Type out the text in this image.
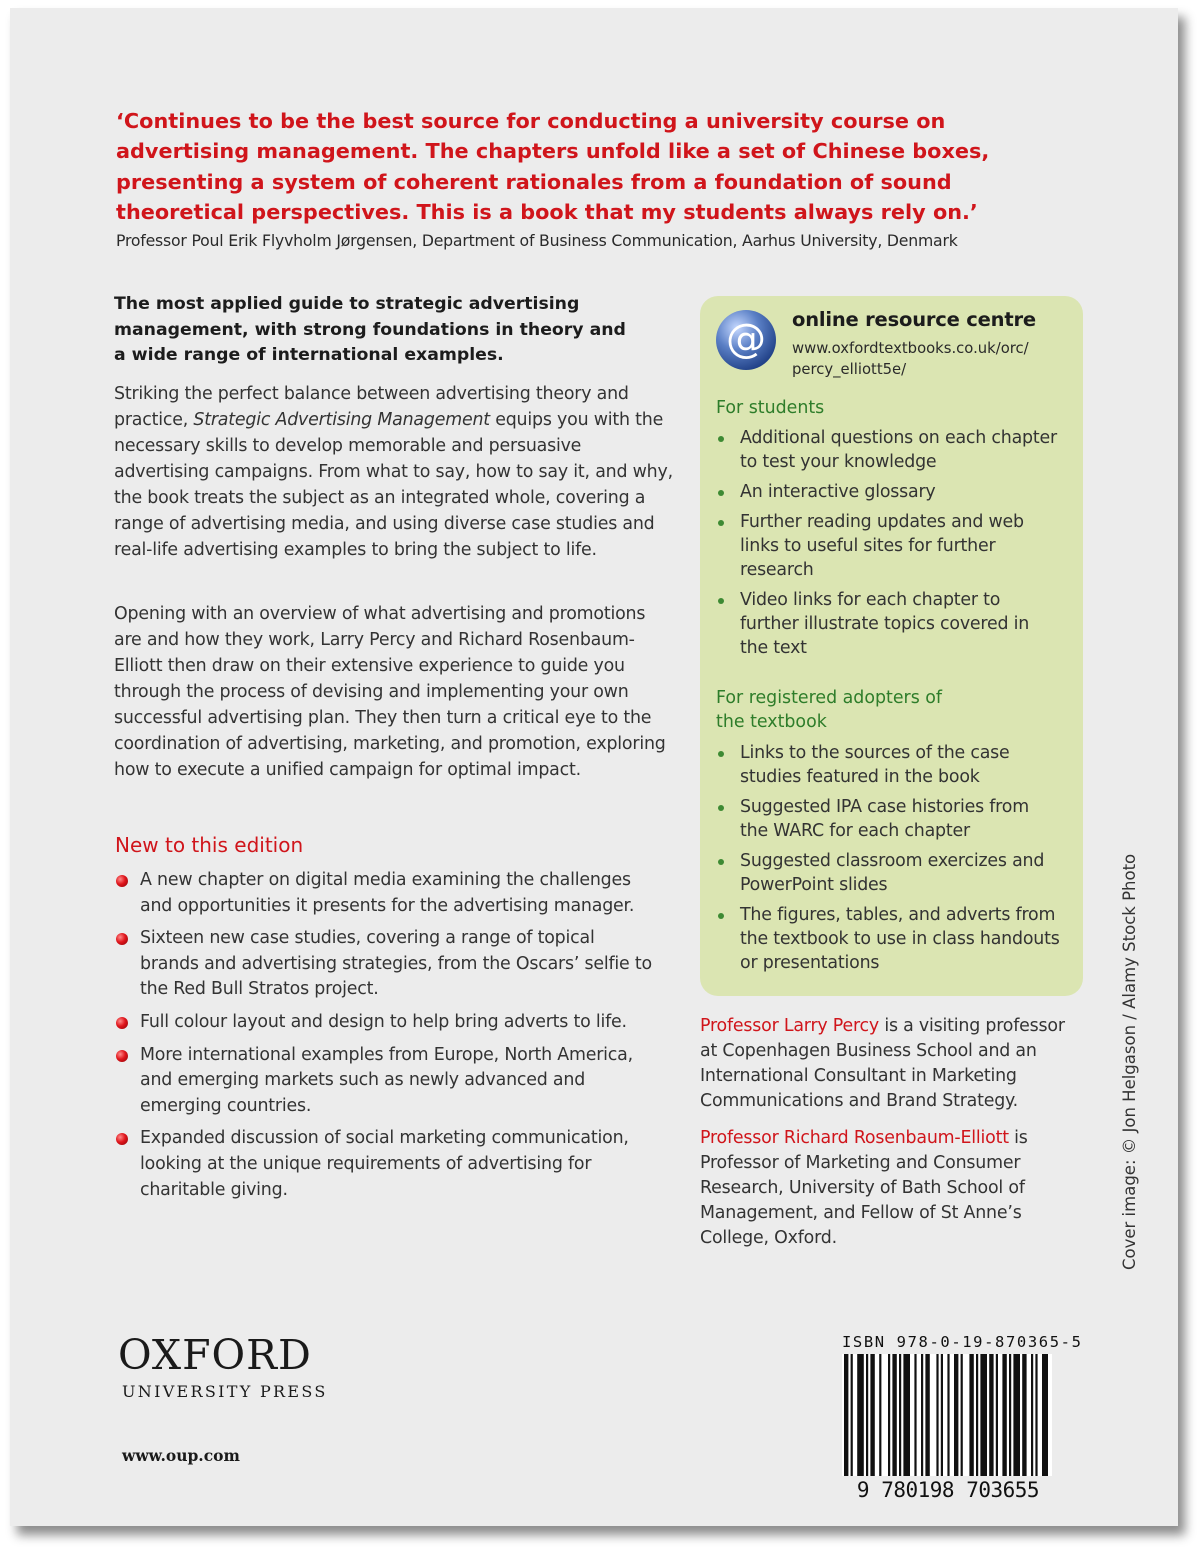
‘Continues to be the best source for conducting a university course on advertising management. The chapters unfold like a set of Chinese boxes, presenting a system of coherent rationales from a foundation of sound theoretical perspectives. This is a book that my students always rely on.’

Professor Poul Erik Flyvholm Jørgensen, Department of Business Communication, Aarhus University, Denmark

The most applied guide to strategic advertising management, with strong foundations in theory and a wide range of international examples.

Striking the perfect balance between advertising theory and practice, Strategic Advertising Management equips you with the necessary skills to develop memorable and persuasive advertising campaigns. From what to say, how to say it, and why, the book treats the subject as an integrated whole, covering a range of advertising media, and using diverse case studies and real-life advertising examples to bring the subject to life.

Opening with an overview of what advertising and promotions are and how they work, Larry Percy and Richard Rosenbaum-Elliott then draw on their extensive experience to guide you through the process of devising and implementing your own successful advertising plan. They then turn a critical eye to the coordination of advertising, marketing, and promotion, exploring how to execute a unified campaign for optimal impact.

New to this edition
A new chapter on digital media examining the challenges and opportunities it presents for the advertising manager.
Sixteen new case studies, covering a range of topical brands and advertising strategies, from the Oscars’ selfie to the Red Bull Stratos project.
Full colour layout and design to help bring adverts to life.
More international examples from Europe, North America, and emerging markets such as newly advanced and emerging countries.
Expanded discussion of social marketing communication, looking at the unique requirements of advertising for charitable giving.
@	online resource centre
www.oxfordtextbooks.co.uk/orc/ percy_elliott5e/
For students
Additional questions on each chapter to test your knowledge
An interactive glossary
Further reading updates and web links to useful sites for further research
Video links for each chapter to further illustrate topics covered in the text
For registered adopters of the textbook
Links to the sources of the case studies featured in the book
Suggested IPA case histories from the WARC for each chapter
Suggested classroom exercizes and PowerPoint slides
The figures, tables, and adverts from the textbook to use in class handouts or presentations

Professor Larry Percy is a visiting professor at Copenhagen Business School and an International Consultant in Marketing Communications and Brand Strategy.

Professor Richard Rosenbaum-Elliott is Professor of Marketing and Consumer Research, University of Bath School of Management, and Fellow of St Anne’s College, Oxford.	Cover image: © Jon Helgason / Alamy Stock Photo
OXFORD
UNIVERSITY PRESS
www.oup.com
ISBN 978-0-19-870365-5
9 780198 703655
